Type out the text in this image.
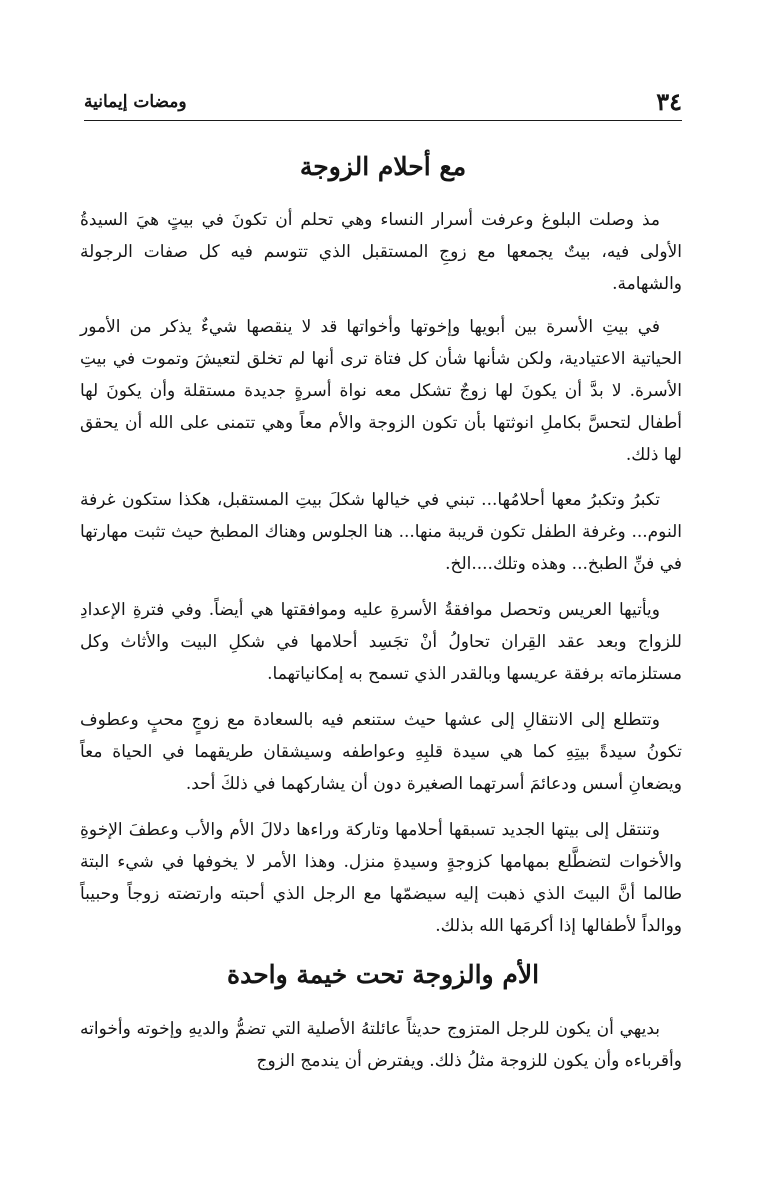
٣٤
ومضات إيمانية
مع أحلام الزوجة

مذ وصلت البلوغ وعرفت أسرار النساء وهي تحلم أن تكونَ في بيتٍ هيَ السيدةُ الأولى فيه، بيتٌ يجمعها مع زوجِ المستقبل الذي تتوسم فيه كل صفات الرجولة والشهامة.

في بيتِ الأسرة بين أبويها وإخوتها وأخواتها قد لا ينقصها شيءٌ يذكر من الأمور الحياتية الاعتيادية، ولكن شأنها شأن كل فتاة ترى أنها لم تخلق لتعيشَ وتموت في بيتِ الأسرة. لا بدَّ أن يكونَ لها زوجٌ تشكل معه نواة أسرةٍ جديدة مستقلة وأن يكونَ لها أطفال لتحسَّ بكاملِ انوثتها بأن تكون الزوجة والأم معاً وهي تتمنى على الله أن يحقق لها ذلك.

تكبرُ وتكبرُ معها أحلامُها... تبني في خيالها شكلَ بيتِ المستقبل، هكذا ستكون غرفة النوم... وغرفة الطفل تكون قريبة منها... هنا الجلوس وهناك المطبخ حيث تثبت مهارتها في فنِّ الطبخ... وهذه وتلك....الخ.

ويأتيها العريس وتحصل موافقةُ الأسرةِ عليه وموافقتها هي أيضاً. وفي فترةِ الإعدادِ للزواج وبعد عقد القِران تحاولُ أنْ تجَسِد أحلامها في شكلِ البيت والأثاث وكل مستلزماته برفقة عريسها وبالقدر الذي تسمح به إمكانياتهما.

وتتطلع إلى الانتقالِ إلى عشها حيث ستنعم فيه بالسعادة مع زوجٍ محبٍ وعطوف تكونُ سيدةً بيتِهِ كما هي سيدة قلبِهِ وعواطفه وسيشقان طريقهما في الحياة معاً ويضعانِ أسس ودعائمَ أسرتهما الصغيرة دون أن يشاركهما في ذلكَ أحد.

وتنتقل إلى بيتها الجديد تسبقها أحلامها وتاركة وراءها دلالَ الأم والأب وعطفَ الإخوةِ والأخوات لتضطَّلع بمهامها كزوجةٍ وسيدةِ منزل. وهذا الأمر لا يخوفها في شيء البتة طالما أنَّ البيتَ الذي ذهبت إليه سيضمّها مع الرجل الذي أحبته وارتضته زوجاً وحبيباً ووالداً لأطفالها إذا أكرمَها الله بذلك.

الأم والزوجة تحت خيمة واحدة

بديهي أن يكون للرجل المتزوج حديثاً عائلتهُ الأصلية التي تضمُّ والديهِ وإخوته وأخواته وأقرباءه وأن يكون للزوجة مثلُ ذلك. ويفترض أن يندمج الزوج
